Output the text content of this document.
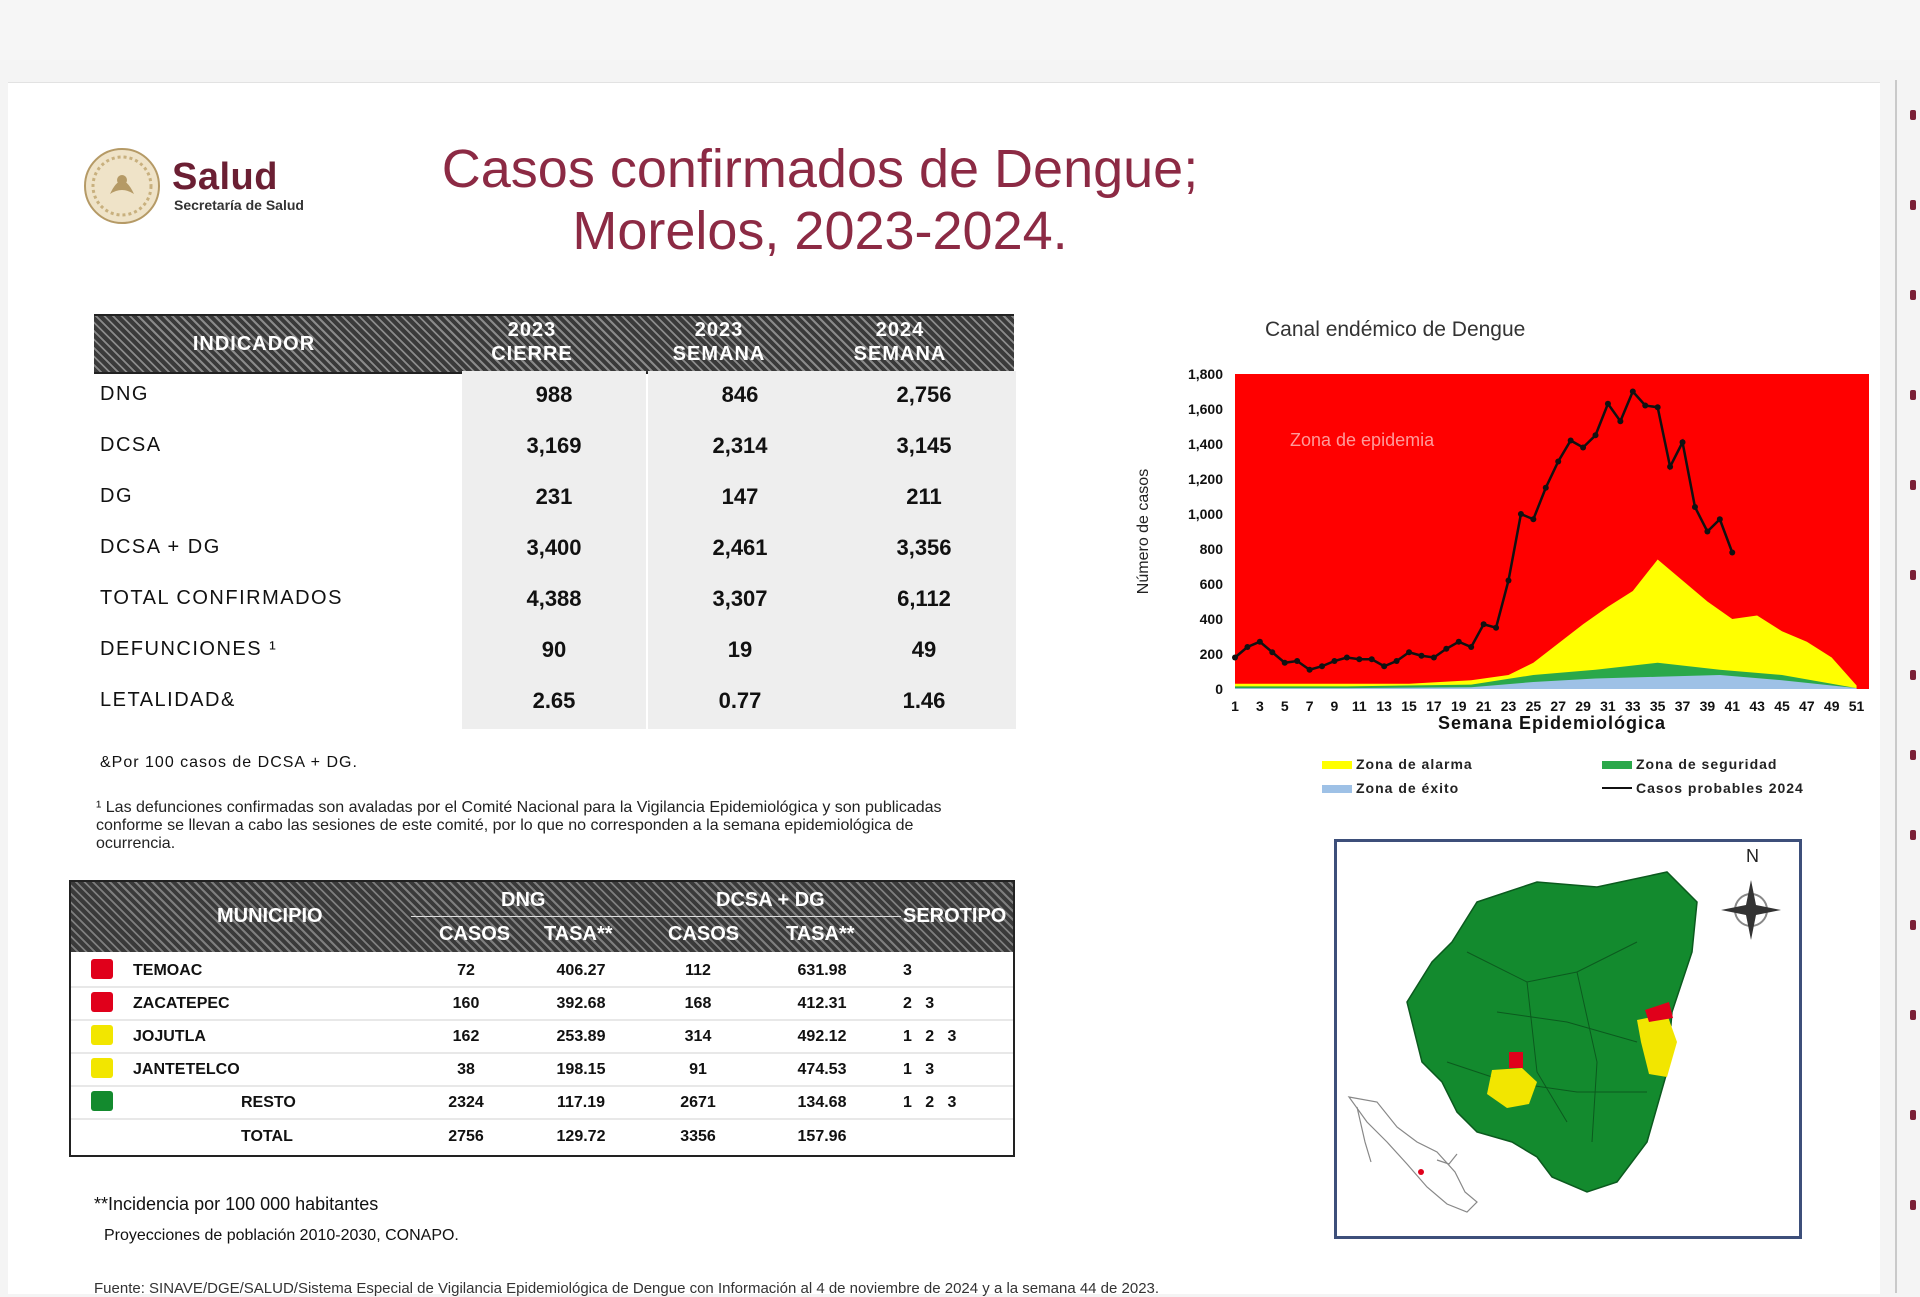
Salud
Secretaría de Salud
Casos confirmados de Dengue;
Morelos, 2023-2024.
INDICADOR
2023
CIERRE
2023
SEMANA
2024
SEMANA
DNG	988	846	2,756
DCSA	3,169	2,314	3,145
DG	231	147	211
DCSA + DG	3,400	2,461	3,356
TOTAL CONFIRMADOS	4,388	3,307	6,112
DEFUNCIONES ¹	90	19	49
LETALIDAD&	2.65	0.77	1.46
&Por 100 casos de DCSA + DG.
¹ Las defunciones confirmadas son avaladas por el Comité Nacional para la Vigilancia Epidemiológica y son publicadas conforme se llevan a cabo las sesiones de este comité, por lo que no corresponden a la semana epidemiológica de ocurrencia.
MUNICIPIO
DNG	DCSA + DG
SEROTIPO
CASOS TASA**	CASOS TASA**
TEMOAC	72	406.27	112	631.98	3
ZACATEPEC	160	392.68	168	412.31	2   3
JOJUTLA	162	253.89	314	492.12	1   2   3
JANTETELCO	38	198.15	91	474.53	1   3
RESTO	2324	117.19	2671	134.68	1   2   3
TOTAL	2756	129.72	3356	157.96
**Incidencia por 100 000 habitantes
Proyecciones de población 2010-2030, CONAPO.
Fuente: SINAVE/DGE/SALUD/Sistema Especial de Vigilancia Epidemiológica de Dengue con Información al 4 de noviembre de 2024 y a la semana 44 de 2023.
Canal endémico de Dengue
0
200
400
600
800
1,000
1,200
1,400
1,600
1,800
1 3 5 7 9 11 13 15 17 19 21 23 25 27 29 31 33 35 37 39 41 43 45 47 49 51
Semana Epidemiológica
Número de casos
Zona de epidemia
Zona de alarma	Zona de seguridad
Zona de éxito	Casos probables 2024
N
